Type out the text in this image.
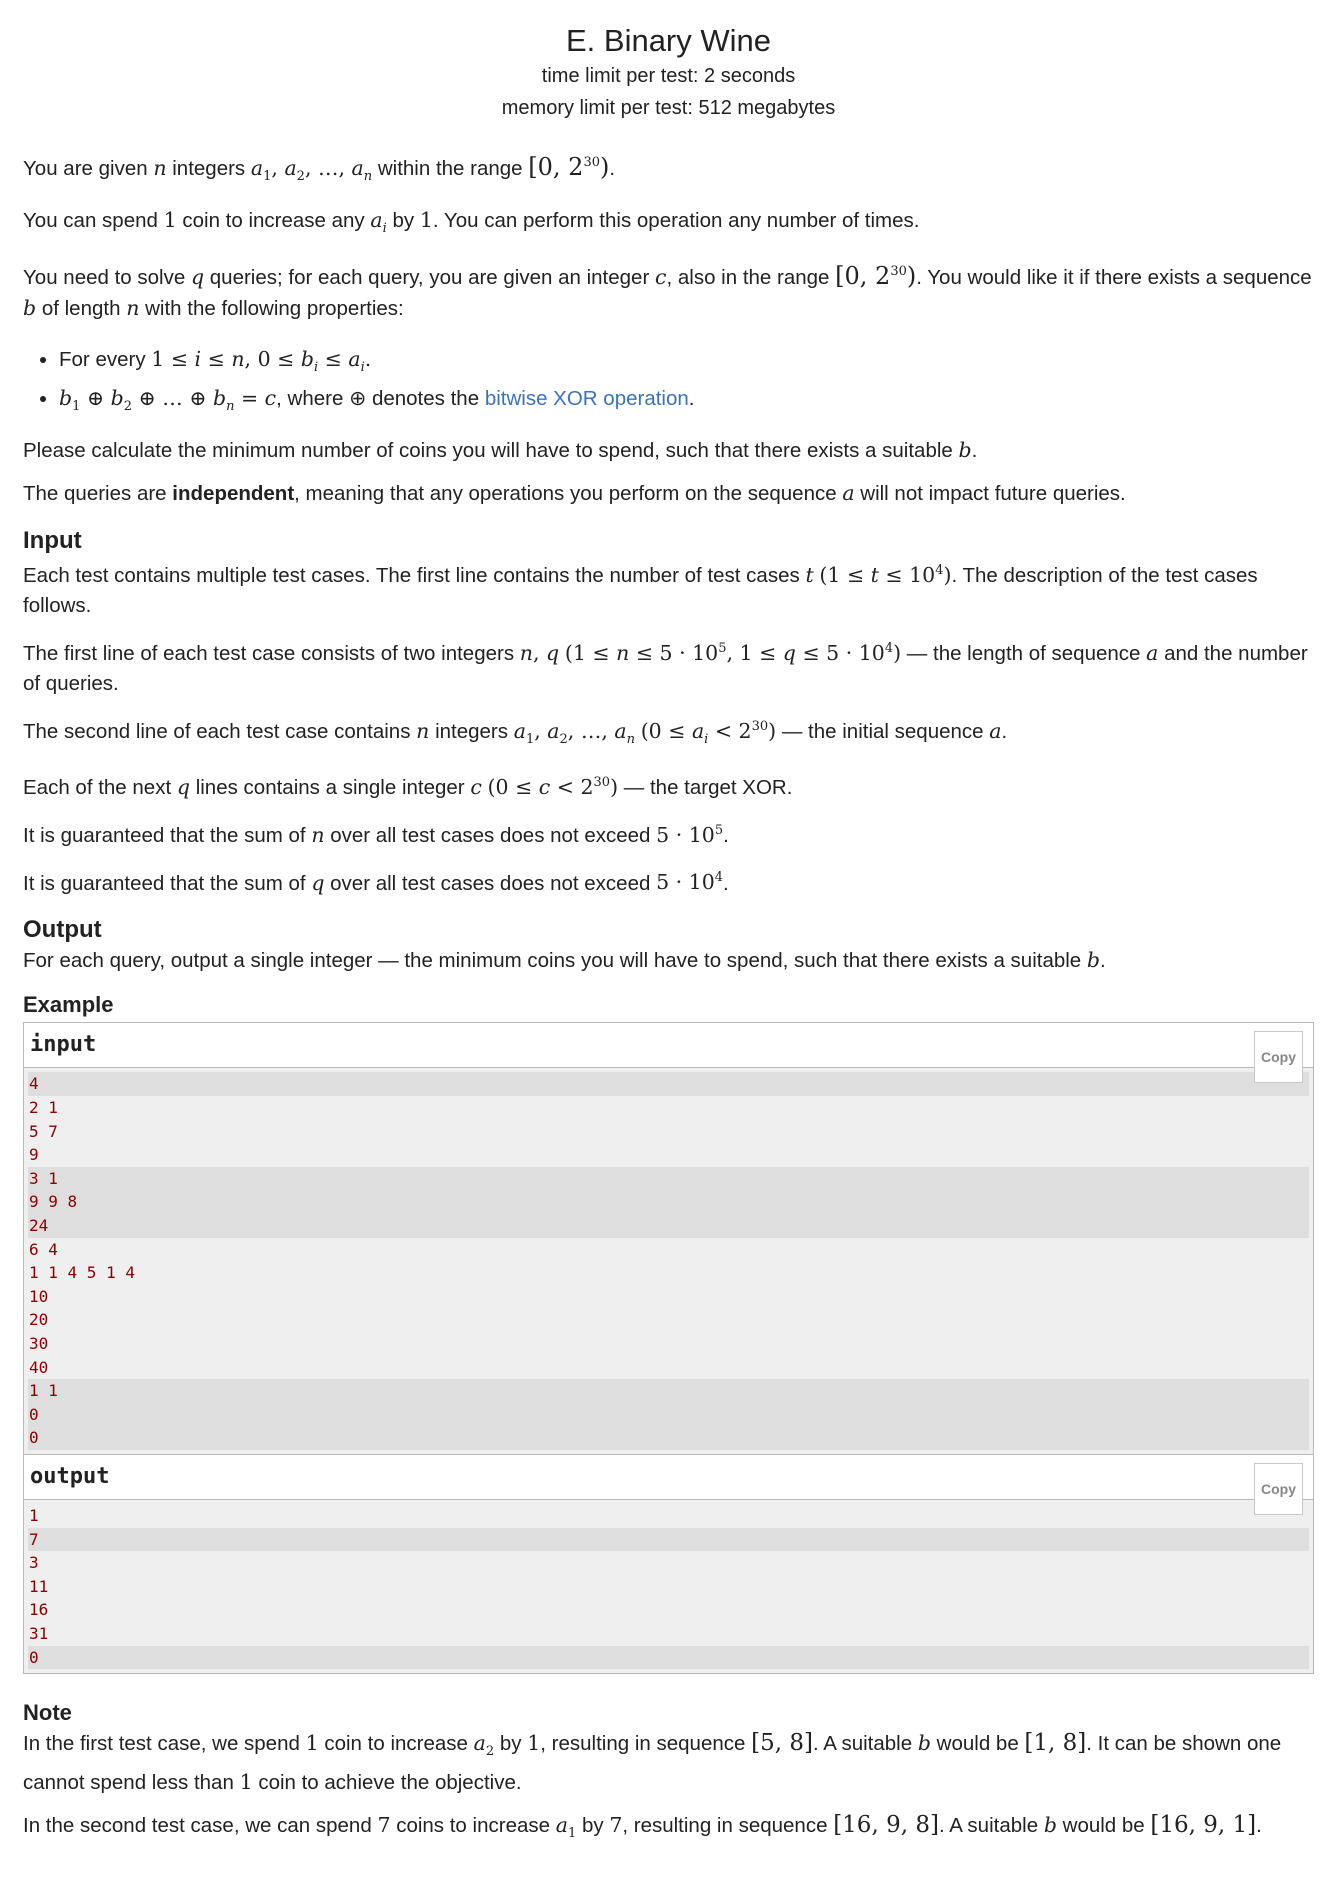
E. Binary Wine
time limit per test: 2 seconds
memory limit per test: 512 megabytes

You are given n integers $a_1$, $a_2$, …, $a_n$ within the range [0, $2^{30}$).

You can spend 1 coin to increase any $a_i$ by 1. You can perform this operation any number of times.

You need to solve q queries; for each query, you are given an integer c, also in the range [0, $2^{30}$). You would like it if there exists a sequence b of length n with the following properties:

• For every 1 ≤ i ≤ n, $0 \le b_i \le a_i$.
• $b_1$ ⊕ $b_2$ ⊕ … ⊕ $b_n = c$, where ⊕ denotes the bitwise XOR operation.

Please calculate the minimum number of coins you will have to spend, such that there exists a suitable b.

The queries are independent, meaning that any operations you perform on the sequence a will not impact future queries.

Input

Each test contains multiple test cases. The first line contains the number of test cases t $(1 \le t \le 10^4)$. The description of the test cases follows.

The first line of each test case consists of two integers n, q ($1 \le n \le 5 \cdot 10^5$, $1 \le q \le 5 \cdot 10^4$) — the length of sequence a and the number of queries.

The second line of each test case contains n integers $a_1$, $a_2$, …, $a_n$ $(0 \le a_i < 2^{30})$ — the initial sequence a.

Each of the next q lines contains a single integer c $(0 \le c < 2^{30})$ — the target XOR.

It is guaranteed that the sum of n over all test cases does not exceed $5 \cdot 10^5$.

It is guaranteed that the sum of q over all test cases does not exceed $5 \cdot 10^4$.

Output

For each query, output a single integer — the minimum coins you will have to spend, such that there exists a suitable b.

Example
input	Copy
4
2 1
5 7
9
3 1
9 9 8
24
6 4
1 1 4 5 1 4
10
20
30
40
1 1
0
0
output	Copy
1
7
3
11
16
31
0
Note

In the first test case, we spend 1 coin to increase $a_2$ by 1, resulting in sequence [5, 8]. A suitable b would be [1, 8]. It can be shown one cannot spend less than 1 coin to achieve the objective.

In the second test case, we can spend 7 coins to increase $a_1$ by 7, resulting in sequence [16, 9, 8]. A suitable b would be [16, 9, 1].
